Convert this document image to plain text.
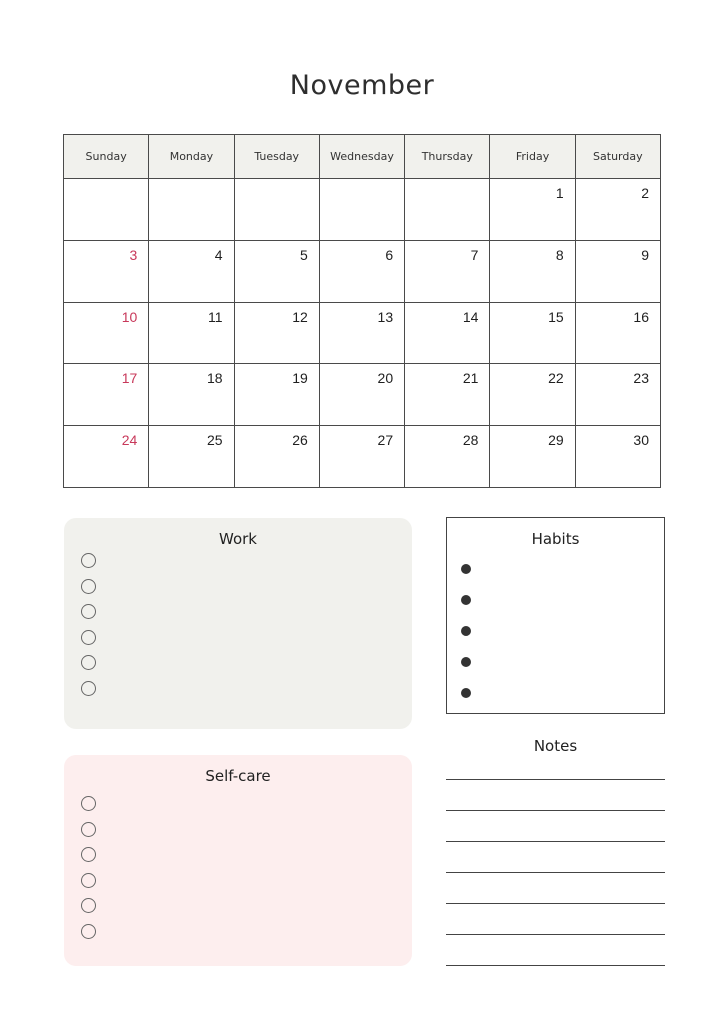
November
Sunday	Monday	Tuesday	Wednesday	Thursday	Friday	Saturday
					1	2
3	4	5	6	7	8	9
10	11	12	13	14	15	16
17	18	19	20	21	22	23
24	25	26	27	28	29	30
Work
Self-care
Habits
Notes
